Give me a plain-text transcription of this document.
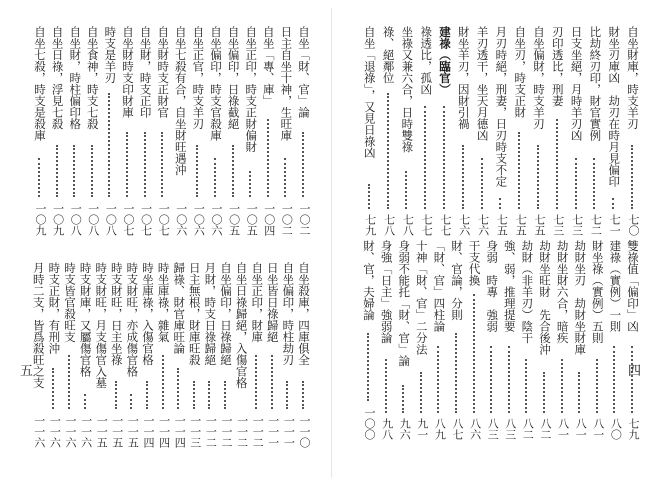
自坐財庫，時支羊刃
七〇
財坐刃庫凶　劫刃在時月見偏印
七一
比劫終刃印，財官實例
七二
日支坐絕，月時羊刃凶
七三
刃印透比，刑妻
七三
自坐偏財，時支羊刃
七五
自坐刃，時支正財
七五
月刃時絕，刑妻，日刃時支不定
七五
羊刃透干，坐天月德凶
七六
財坐羊刃，因財引禍
七六
建祿（臨官）
七七
祿透比，孤凶
七七
坐祿又兼六合，日時雙祿
七八
祿、絕鄰位
七八
自坐「退祿」，又見日祿凶
七九
雙祿值「偏印」凶
七九
建祿（實例）一則
八〇
財坐祿（實例）五則
八一
劫財坐刃　劫財坐財庫
八一
劫財坐財六合，暗疾
八一
劫財坐旺財　先合後沖
八二
劫財（非羊刃）陰干
八二
強、弱，推理提要
八三
身弱　時專　強弱
八三
干支代換
八六
財、官論，分則
八七
「財、官」四柱論
八九
十神「財、官」二分法
九一
身弱不能托「財、官」論
九六
身強「日主」強弱論
九八
財、官，夫婦論
一〇〇
自坐「財、官」論
一〇二
日主自坐十神，生旺庫
一〇二
自坐「專、庫」
一〇四
自坐正印，時支正財偏財
一〇五
自坐偏印，日祿截絕
一〇五
自坐偏印，時支官殺庫
一〇六
自坐正官，時支羊刃
一〇六
自坐七殺有合，自坐財旺遇沖
一〇六
自坐財時支正財官
一〇七
自坐財，時支正印
一〇七
自坐財時支印財庫
一〇七
時支是羊刃
一〇八
自坐食神，時支七殺
一〇八
自坐財，時柱偏印格
一〇八
自坐日祿，浮見七殺
一〇九
自坐七殺，時支是殺庫
一〇九
自坐殺庫，四庫俱全
一一〇
自坐偏印，時柱劫刃
一一一
日坐皆日祿歸絕
一一一
自坐正印，財庫
一一二
自坐日祿歸絕，入傷官格
一一二
自坐偏印，日祿歸絕
一一二
月財，時支日祿歸絕
一一二
日主無根，財庫旺殺
一一三
歸祿、財官庫旺論
一一四
時坐庫祿，雜氣
一一四
時坐庫祿，入傷官格
一一四
時支財旺，亦成傷官格
一一五
時支財旺，日主坐祿
一一五
時支財旺，月支傷官入墓
一一五
時支財庫，又屬傷官格
一一六
時支皆官殺旺支
一一六
時支正財，有刑沖
一一六
月時二支，皆爲殺旺之支
一一六
四
五
